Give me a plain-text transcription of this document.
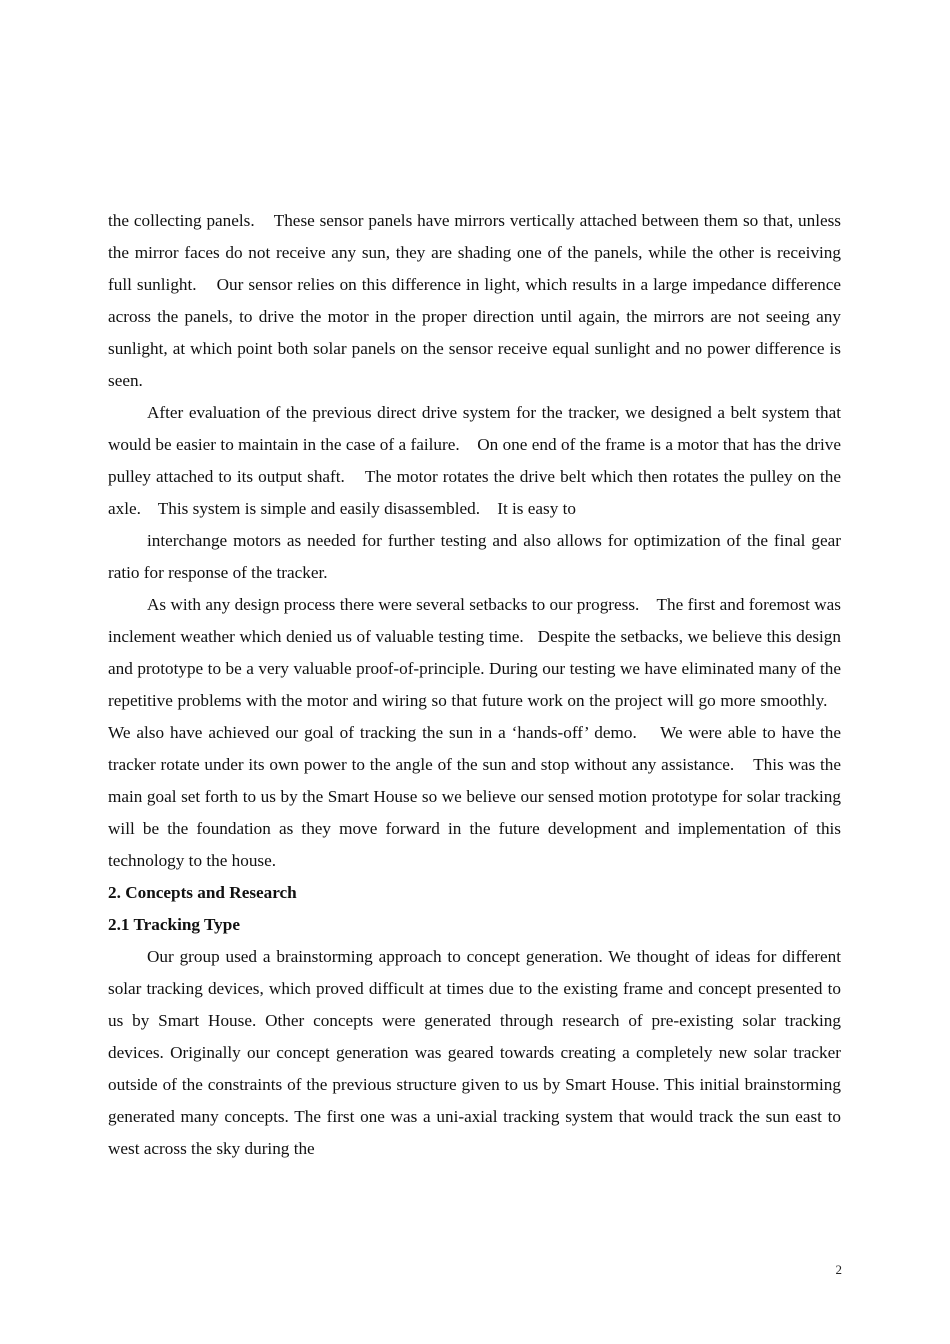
the collecting panels.    These sensor panels have mirrors vertically attached between them so that, unless the mirror faces do not receive any sun, they are shading one of the panels, while the other is receiving full sunlight.    Our sensor relies on this difference in light, which results in a large impedance difference across the panels, to drive the motor in the proper direction until again, the mirrors are not seeing any sunlight, at which point both solar panels on the sensor receive equal sunlight and no power difference is seen.

After evaluation of the previous direct drive system for the tracker, we designed a belt system that would be easier to maintain in the case of a failure.    On one end of the frame is a motor that has the drive pulley attached to its output shaft.    The motor rotates the drive belt which then rotates the pulley on the axle.    This system is simple and easily disassembled.    It is easy to

interchange motors as needed for further testing and also allows for optimization of the final gear ratio for response of the tracker.

As with any design process there were several setbacks to our progress.    The first and foremost was inclement weather which denied us of valuable testing time.   Despite the setbacks, we believe this design and prototype to be a very valuable proof-of-principle. During our testing we have eliminated many of the repetitive problems with the motor and wiring so that future work on the project will go more smoothly.    We also have achieved our goal of tracking the sun in a ‘hands-off’ demo.    We were able to have the tracker rotate under its own power to the angle of the sun and stop without any assistance.    This was the main goal set forth to us by the Smart House so we believe our sensed motion prototype for solar tracking will be the foundation as they move forward in the future development and implementation of this technology to the house.

2. Concepts and Research
2.1 Tracking Type

Our group used a brainstorming approach to concept generation. We thought of ideas for different solar tracking devices, which proved difficult at times due to the existing frame and concept presented to us by Smart House. Other concepts were generated through research of pre-existing solar tracking devices. Originally our concept generation was geared towards creating a completely new solar tracker outside of the constraints of the previous structure given to us by Smart House. This initial brainstorming generated many concepts. The first one was a uni-axial tracking system that would track the sun east to west across the sky during the

2
